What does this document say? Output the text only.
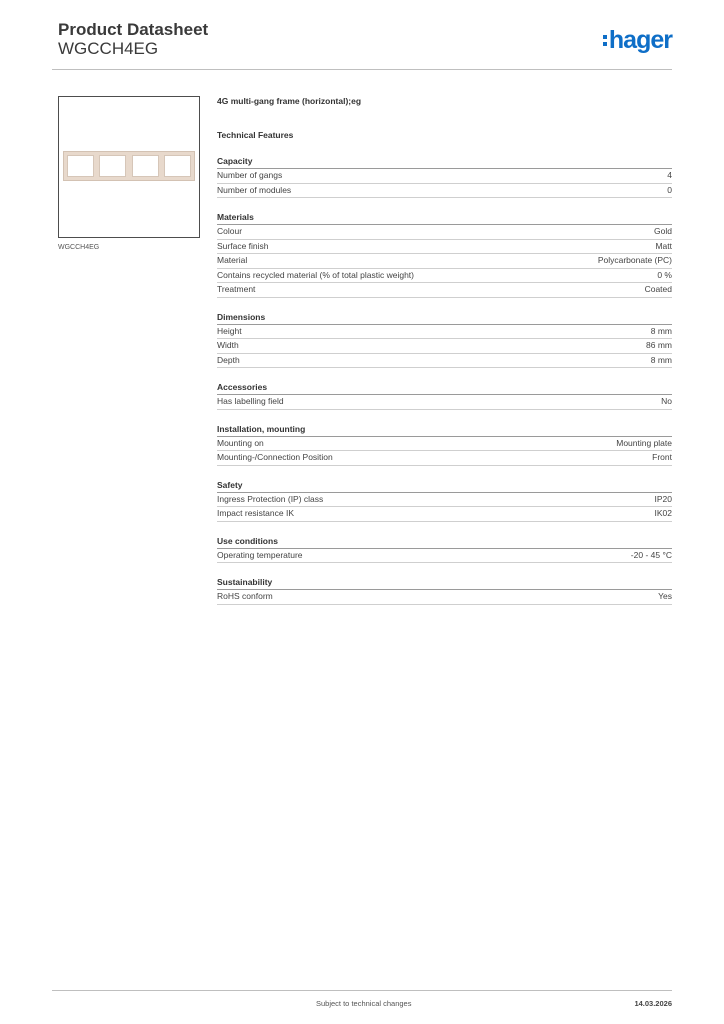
Product Datasheet
WGCCH4EG	hager
WGCCH4EG
4G multi-gang frame (horizontal);eg
Technical Features
Capacity
Number of gangs	4
Number of modules	0
Materials
Colour	Gold
Surface finish	Matt
Material	Polycarbonate (PC)
Contains recycled material (% of total plastic weight)	0 %
Treatment	Coated
Dimensions
Height	8 mm
Width	86 mm
Depth	8 mm
Accessories
Has labelling field	No
Installation, mounting
Mounting on	Mounting plate
Mounting-/Connection Position	Front
Safety
Ingress Protection (IP) class	IP20
Impact resistance IK	IK02
Use conditions
Operating temperature	-20 - 45 °C
Sustainability
RoHS conform	Yes
Subject to technical changes	14.03.2026
